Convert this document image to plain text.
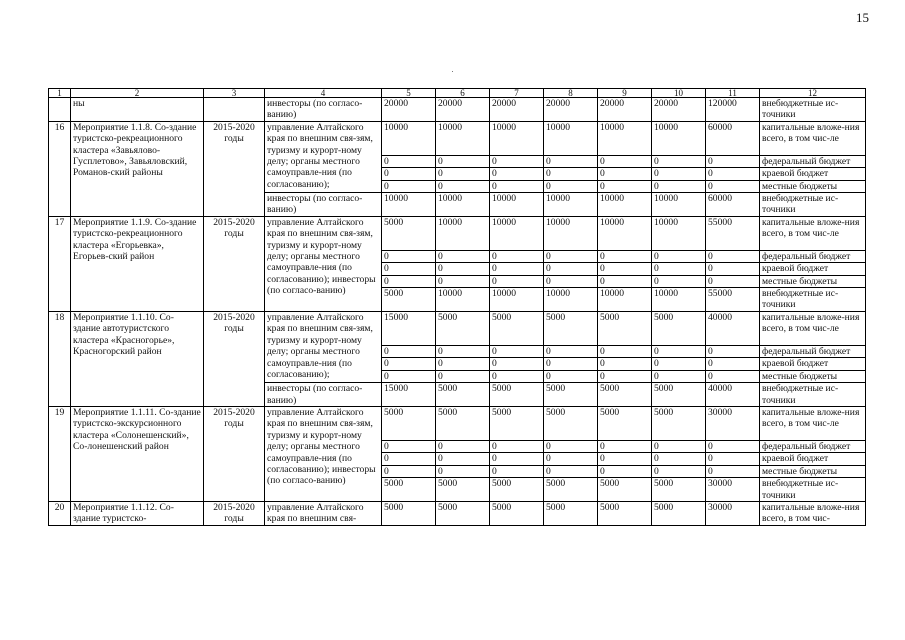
15
1	2	3	4	5	6	7	8	9	10	11	12
	ны		инвесторы (по согласо-ванию)	20000	20000	20000	20000	20000	20000	120000	внебюджетные ис-точники
16	Мероприятие 1.1.8. Со-здание туристско-рекреационного кластера «Завьялово-Гусплетово», Завьяловский, Романов-ский районы	2015-2020 годы	управление Алтайского края по внешним свя-зям, туризму и курорт-ному делу; органы местного самоуправле-ния (по согласованию);	10000	10000	10000	10000	10000	10000	60000	капитальные вложе-ния всего, в том чис-ле
				0	0	0	0	0	0	0	федеральный бюджет
				0	0	0	0	0	0	0	краевой бюджет
				0	0	0	0	0	0	0	местные бюджеты
			инвесторы (по согласо-ванию)	10000	10000	10000	10000	10000	10000	60000	внебюджетные ис-точники
17	Мероприятие 1.1.9. Со-здание туристско-рекреационного кластера «Егорьевка», Егорьев-ский район	2015-2020 годы	управление Алтайского края по внешним свя-зям, туризму и курорт-ному делу; органы местного самоуправле-ния (по согласованию); инвесторы (по согласо-ванию)	5000	10000	10000	10000	10000	10000	55000	капитальные вложе-ния всего, в том чис-ле
				0	0	0	0	0	0	0	федеральный бюджет
				0	0	0	0	0	0	0	краевой бюджет
				0	0	0	0	0	0	0	местные бюджеты
				5000	10000	10000	10000	10000	10000	55000	внебюджетные ис-точники
18	Мероприятие 1.1.10. Со-здание автотуристского кластера «Красногорье», Красногорский район	2015-2020 годы	управление Алтайского края по внешним свя-зям, туризму и курорт-ному делу; органы местного самоуправле-ния (по согласованию);	15000	5000	5000	5000	5000	5000	40000	капитальные вложе-ния всего, в том чис-ле
				0	0	0	0	0	0	0	федеральный бюджет
				0	0	0	0	0	0	0	краевой бюджет
				0	0	0	0	0	0	0	местные бюджеты
			инвесторы (по согласо-ванию)	15000	5000	5000	5000	5000	5000	40000	внебюджетные ис-точники
19	Мероприятие 1.1.11. Со-здание туристско-экскурсионного кластера «Солонешенский», Со-лонешенский район	2015-2020 годы	управление Алтайского края по внешним свя-зям, туризму и курорт-ному делу; органы местного самоуправле-ния (по согласованию); инвесторы (по согласо-ванию)	5000	5000	5000	5000	5000	5000	30000	капитальные вложе-ния всего, в том чис-ле
				0	0	0	0	0	0	0	федеральный бюджет
				0	0	0	0	0	0	0	краевой бюджет
				0	0	0	0	0	0	0	местные бюджеты
				5000	5000	5000	5000	5000	5000	30000	внебюджетные ис-точники
20	Мероприятие 1.1.12. Со-здание туристско-	2015-2020 годы	управление Алтайского края по внешним свя-	5000	5000	5000	5000	5000	5000	30000	капитальные вложе-ния всего, в том чис-
